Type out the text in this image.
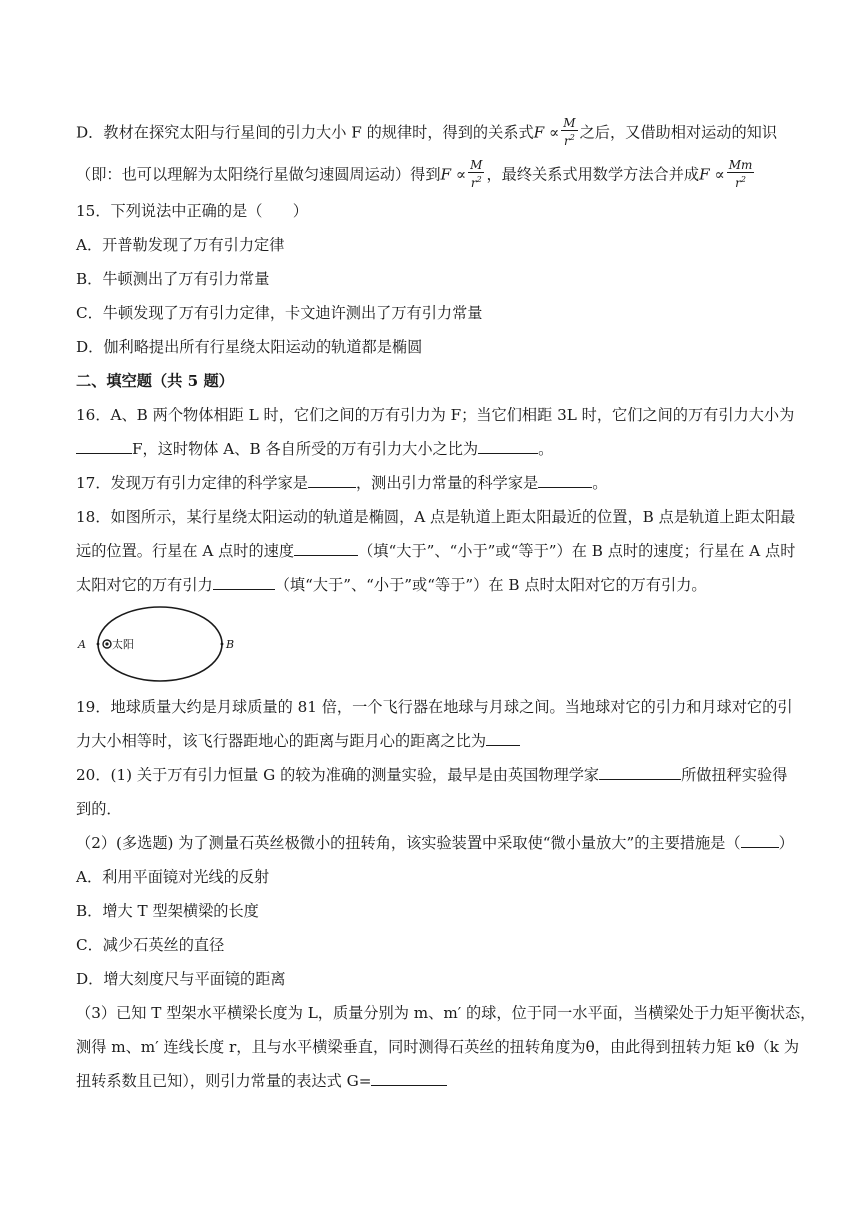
D．教材在探究太阳与行星间的引力大小 F 的规律时，得到的关系式$F \propto \frac{M}{r^2}$ 之后，又借助相对运动的知识
（即：也可以理解为太阳绕行星做匀速圆周运动）得到$F \propto \frac{M}{r^2}$ ，最终关系式用数学方法合并成$F \propto \frac{Mm}{r^2}$
15．下列说法中正确的是（　　）
A．开普勒发现了万有引力定律
B．牛顿测出了万有引力常量
C．牛顿发现了万有引力定律，卡文迪许测出了万有引力常量
D．伽利略提出所有行星绕太阳运动的轨道都是椭圆
二、填空题（共 5 题）
16．A、B 两个物体相距 L 时，它们之间的万有引力为 F；当它们相距 3L 时，它们之间的万有引力大小为
F，这时物体 A、B 各自所受的万有引力大小之比为	。
17．发现万有引力定律的科学家是	，测出引力常量的科学家是	。
18．如图所示，某行星绕太阳运动的轨道是椭圆，A 点是轨道上距太阳最近的位置，B 点是轨道上距太阳最
远的位置。行星在 A 点时的速度	（填“大于”、“小于”或“等于”）在 B 点时的速度；行星在 A 点时
太阳对它的万有引力	（填“大于”、“小于”或“等于”）在 B 点时太阳对它的万有引力。
太阳
A	B
19．地球质量大约是月球质量的 81 倍，一个飞行器在地球与月球之间。当地球对它的引力和月球对它的引
力大小相等时，该飞行器距地心的距离与距月心的距离之比为
20．(1) 关于万有引力恒量 G 的较为准确的测量实验，最早是由英国物理学家	所做扭秤实验得
到的．
（2）(多选题) 为了测量石英丝极微小的扭转角，该实验装置中采取使“微小量放大”的主要措施是（	）
A．利用平面镜对光线的反射
B．增大 T 型架横梁的长度
C．减少石英丝的直径
D．增大刻度尺与平面镜的距离
（3）已知 T 型架水平横梁长度为 L，质量分别为 m、m′ 的球，位于同一水平面，当横梁处于力矩平衡状态，
测得 m、m′ 连线长度 r，且与水平横梁垂直，同时测得石英丝的扭转角度为θ，由此得到扭转力矩 kθ（k 为
扭转系数且已知），则引力常量的表达式 G=
